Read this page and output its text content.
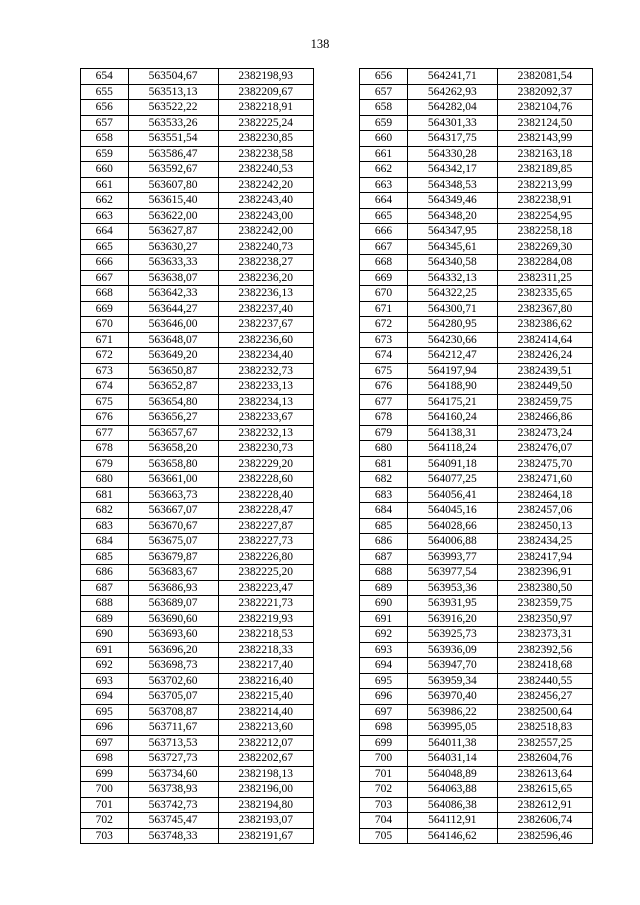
138
654	563504,67	2382198,93		656	564241,71	2382081,54
655	563513,13	2382209,67		657	564262,93	2382092,37
656	563522,22	2382218,91		658	564282,04	2382104,76
657	563533,26	2382225,24		659	564301,33	2382124,50
658	563551,54	2382230,85		660	564317,75	2382143,99
659	563586,47	2382238,58		661	564330,28	2382163,18
660	563592,67	2382240,53		662	564342,17	2382189,85
661	563607,80	2382242,20		663	564348,53	2382213,99
662	563615,40	2382243,40		664	564349,46	2382238,91
663	563622,00	2382243,00		665	564348,20	2382254,95
664	563627,87	2382242,00		666	564347,95	2382258,18
665	563630,27	2382240,73		667	564345,61	2382269,30
666	563633,33	2382238,27		668	564340,58	2382284,08
667	563638,07	2382236,20		669	564332,13	2382311,25
668	563642,33	2382236,13		670	564322,25	2382335,65
669	563644,27	2382237,40		671	564300,71	2382367,80
670	563646,00	2382237,67		672	564280,95	2382386,62
671	563648,07	2382236,60		673	564230,66	2382414,64
672	563649,20	2382234,40		674	564212,47	2382426,24
673	563650,87	2382232,73		675	564197,94	2382439,51
674	563652,87	2382233,13		676	564188,90	2382449,50
675	563654,80	2382234,13		677	564175,21	2382459,75
676	563656,27	2382233,67		678	564160,24	2382466,86
677	563657,67	2382232,13		679	564138,31	2382473,24
678	563658,20	2382230,73		680	564118,24	2382476,07
679	563658,80	2382229,20		681	564091,18	2382475,70
680	563661,00	2382228,60		682	564077,25	2382471,60
681	563663,73	2382228,40		683	564056,41	2382464,18
682	563667,07	2382228,47		684	564045,16	2382457,06
683	563670,67	2382227,87		685	564028,66	2382450,13
684	563675,07	2382227,73		686	564006,88	2382434,25
685	563679,87	2382226,80		687	563993,77	2382417,94
686	563683,67	2382225,20		688	563977,54	2382396,91
687	563686,93	2382223,47		689	563953,36	2382380,50
688	563689,07	2382221,73		690	563931,95	2382359,75
689	563690,60	2382219,93		691	563916,20	2382350,97
690	563693,60	2382218,53		692	563925,73	2382373,31
691	563696,20	2382218,33		693	563936,09	2382392,56
692	563698,73	2382217,40		694	563947,70	2382418,68
693	563702,60	2382216,40		695	563959,34	2382440,55
694	563705,07	2382215,40		696	563970,40	2382456,27
695	563708,87	2382214,40		697	563986,22	2382500,64
696	563711,67	2382213,60		698	563995,05	2382518,83
697	563713,53	2382212,07		699	564011,38	2382557,25
698	563727,73	2382202,67		700	564031,14	2382604,76
699	563734,60	2382198,13		701	564048,89	2382613,64
700	563738,93	2382196,00		702	564063,88	2382615,65
701	563742,73	2382194,80		703	564086,38	2382612,91
702	563745,47	2382193,07		704	564112,91	2382606,74
703	563748,33	2382191,67		705	564146,62	2382596,46
